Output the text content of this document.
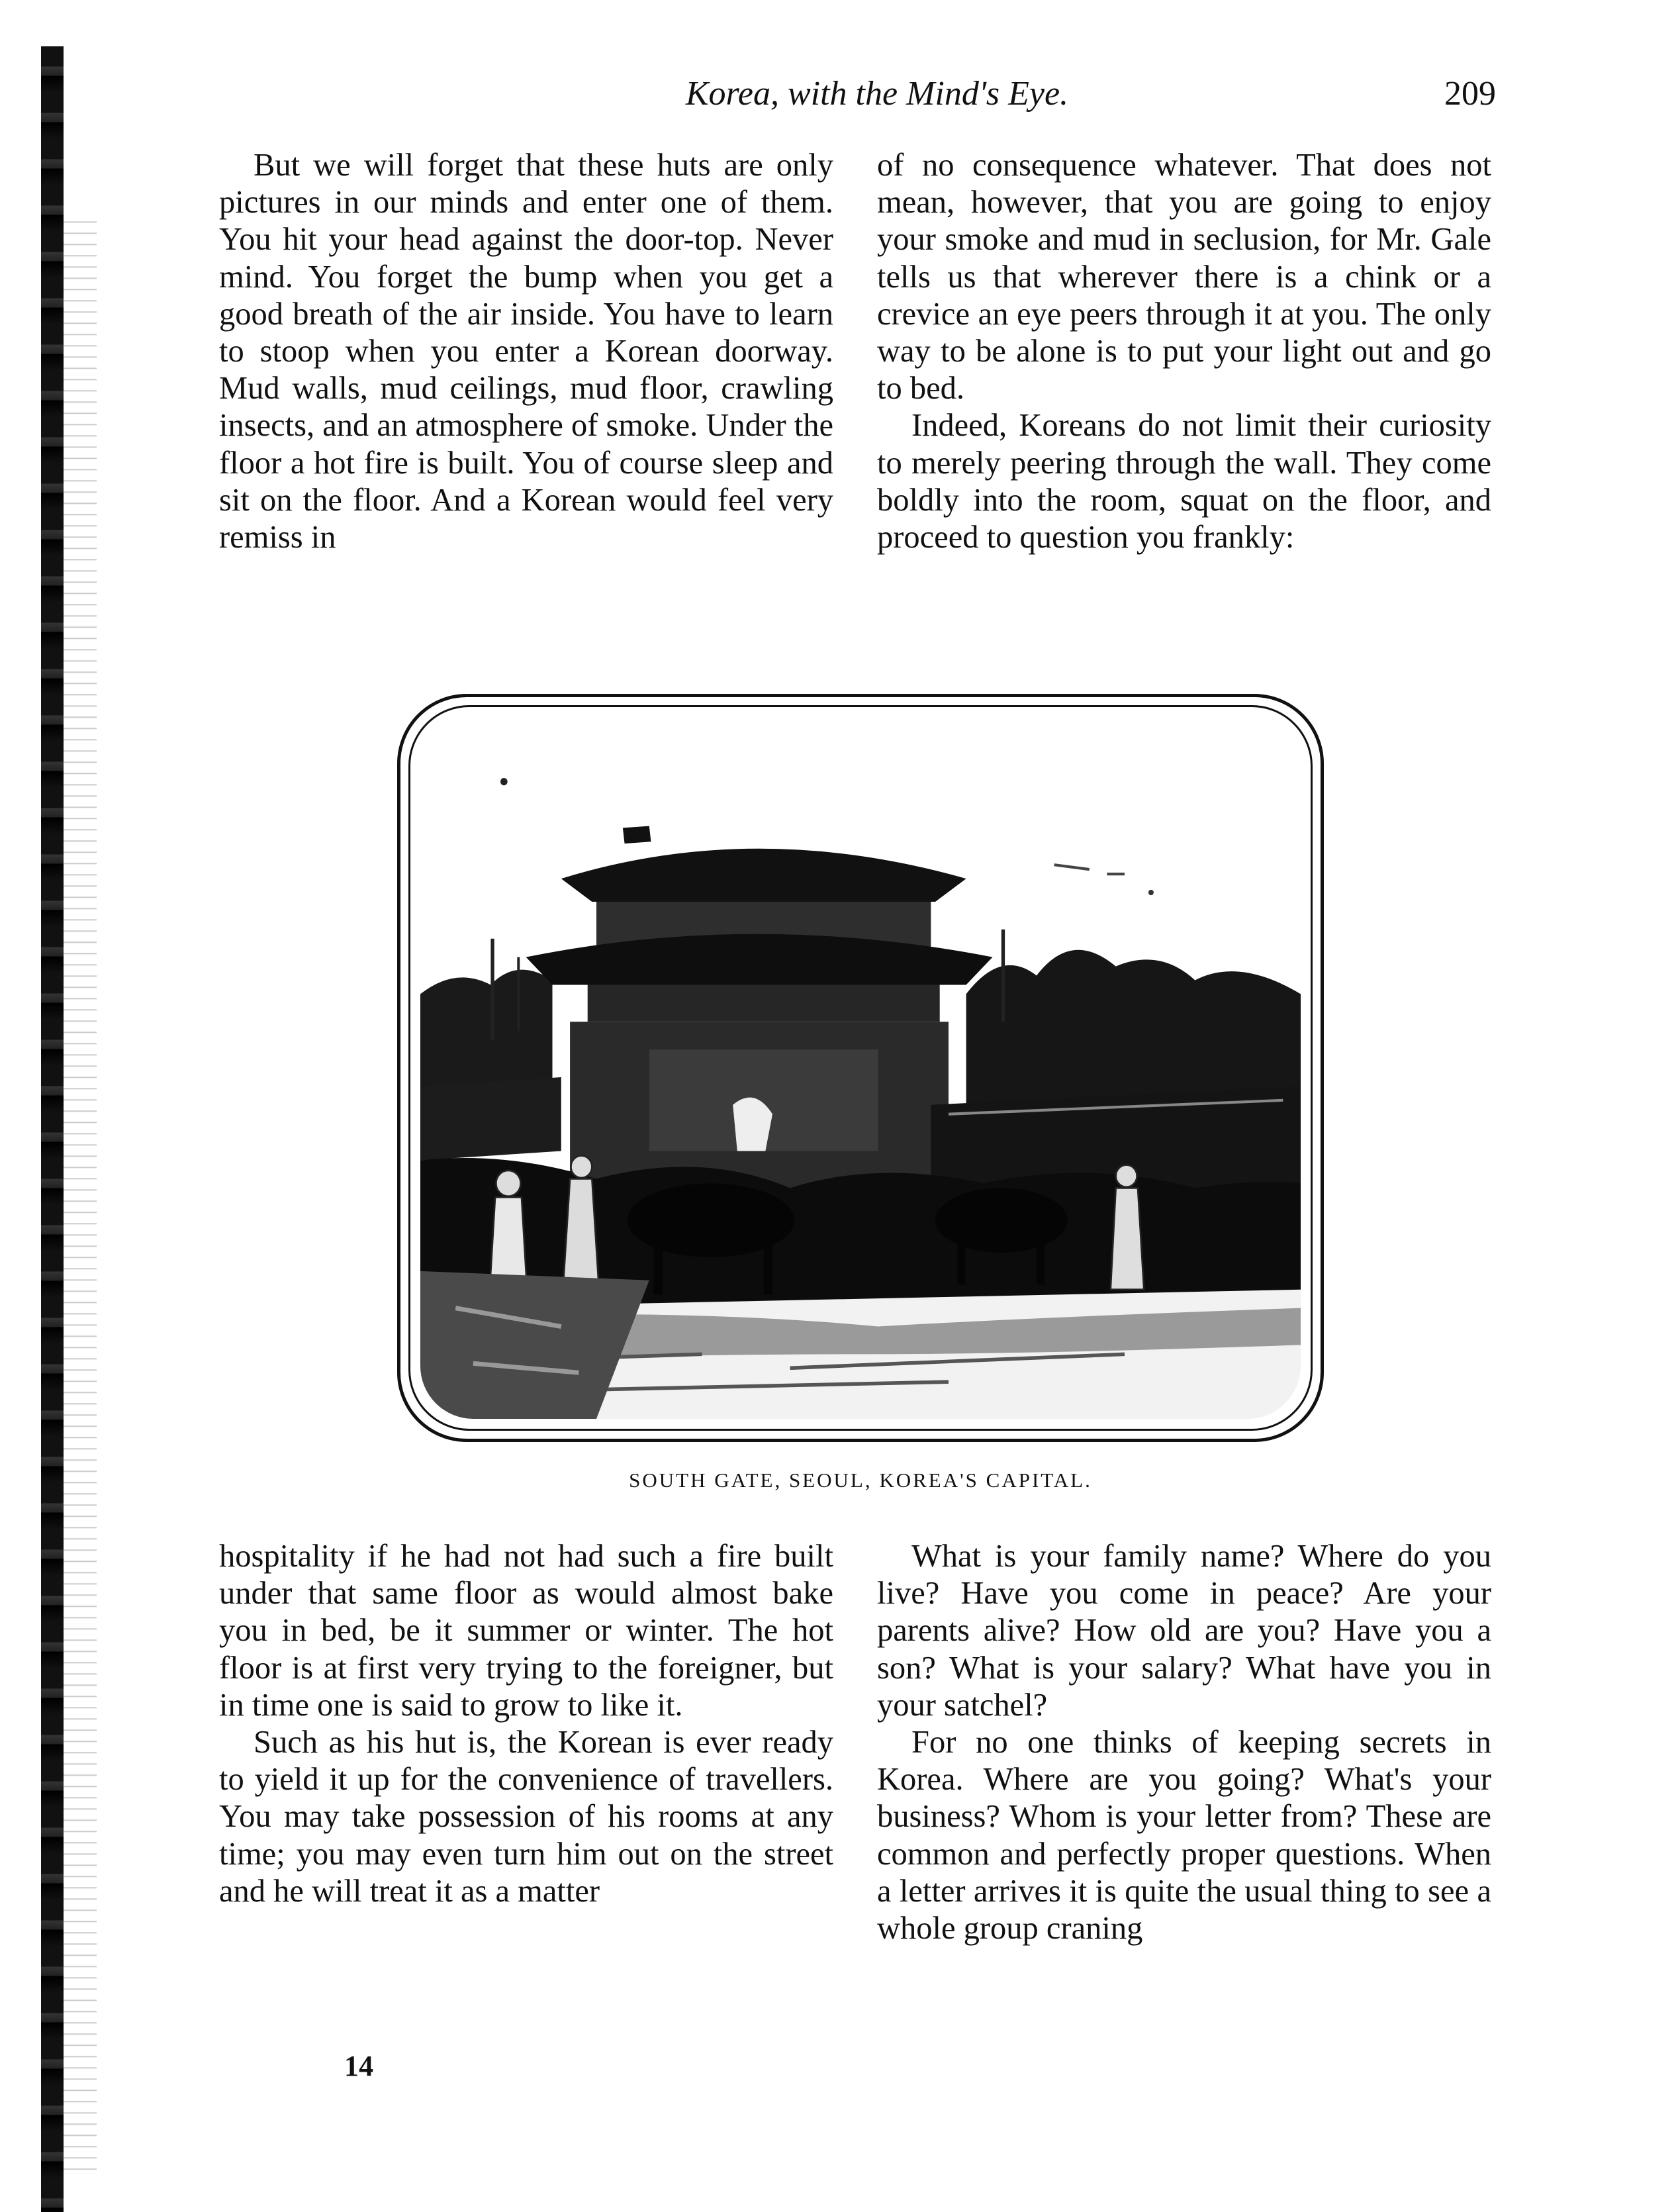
Korea, with the Mind's Eye.	209

But we will forget that these huts are only pictures in our minds and enter one of them. You hit your head against the door-top. Never mind. You forget the bump when you get a good breath of the air inside. You have to learn to stoop when you enter a Korean doorway. Mud walls, mud ceilings, mud floor, crawling insects, and an atmosphere of smoke. Under the floor a hot fire is built. You of course sleep and sit on the floor. And a Korean would feel very remiss in

of no consequence whatever. That does not mean, however, that you are going to enjoy your smoke and mud in seclusion, for Mr. Gale tells us that wherever there is a chink or a crevice an eye peers through it at you. The only way to be alone is to put your light out and go to bed.

Indeed, Koreans do not limit their curiosity to merely peering through the wall. They come boldly into the room, squat on the floor, and proceed to question you frankly:

SOUTH GATE, SEOUL, KOREA'S CAPITAL.

hospitality if he had not had such a fire built under that same floor as would almost bake you in bed, be it summer or winter. The hot floor is at first very trying to the foreigner, but in time one is said to grow to like it.

Such as his hut is, the Korean is ever ready to yield it up for the convenience of travellers. You may take possession of his rooms at any time; you may even turn him out on the street and he will treat it as a matter

What is your family name? Where do you live? Have you come in peace? Are your parents alive? How old are you? Have you a son? What is your salary? What have you in your satchel?

For no one thinks of keeping secrets in Korea. Where are you going? What's your business? Whom is your letter from? These are common and perfectly proper questions. When a letter arrives it is quite the usual thing to see a whole group craning

14
